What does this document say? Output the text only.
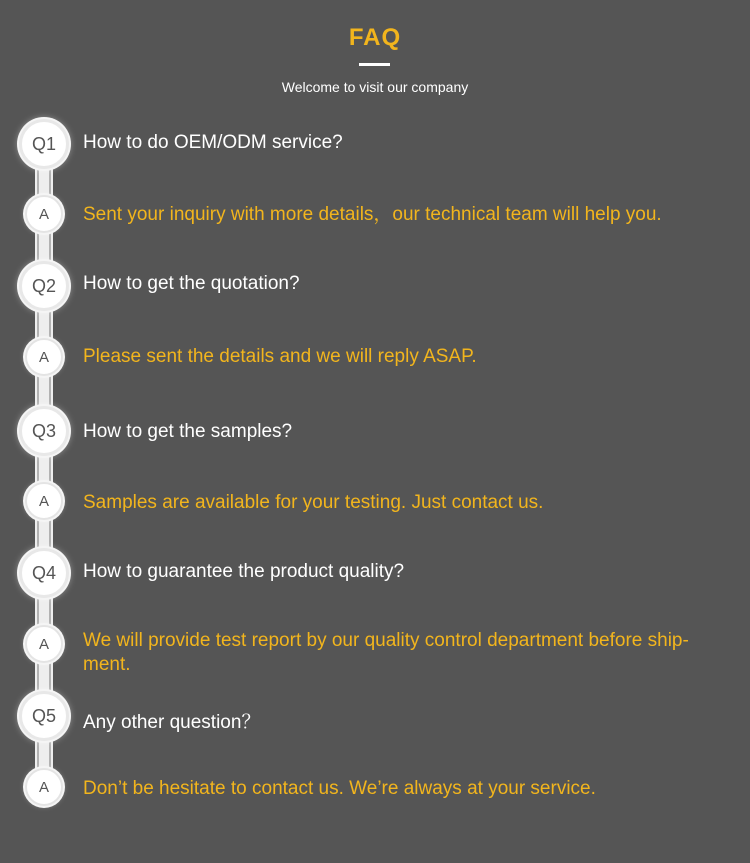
FAQ
Welcome to visit our company
Q1 How to do OEM/ODM service?
A Sent your inquiry with more details，our technical team will help you.
Q2 How to get the quotation?
A Please sent the details and we will reply ASAP.
Q3 How to get the samples?
A Samples are available for your testing. Just contact us.
Q4 How to guarantee the product quality?
A We will provide test report by our quality control department before ship-ment.
Q5 Any other question？
A Don’t be hesitate to contact us. We’re always at your service.
